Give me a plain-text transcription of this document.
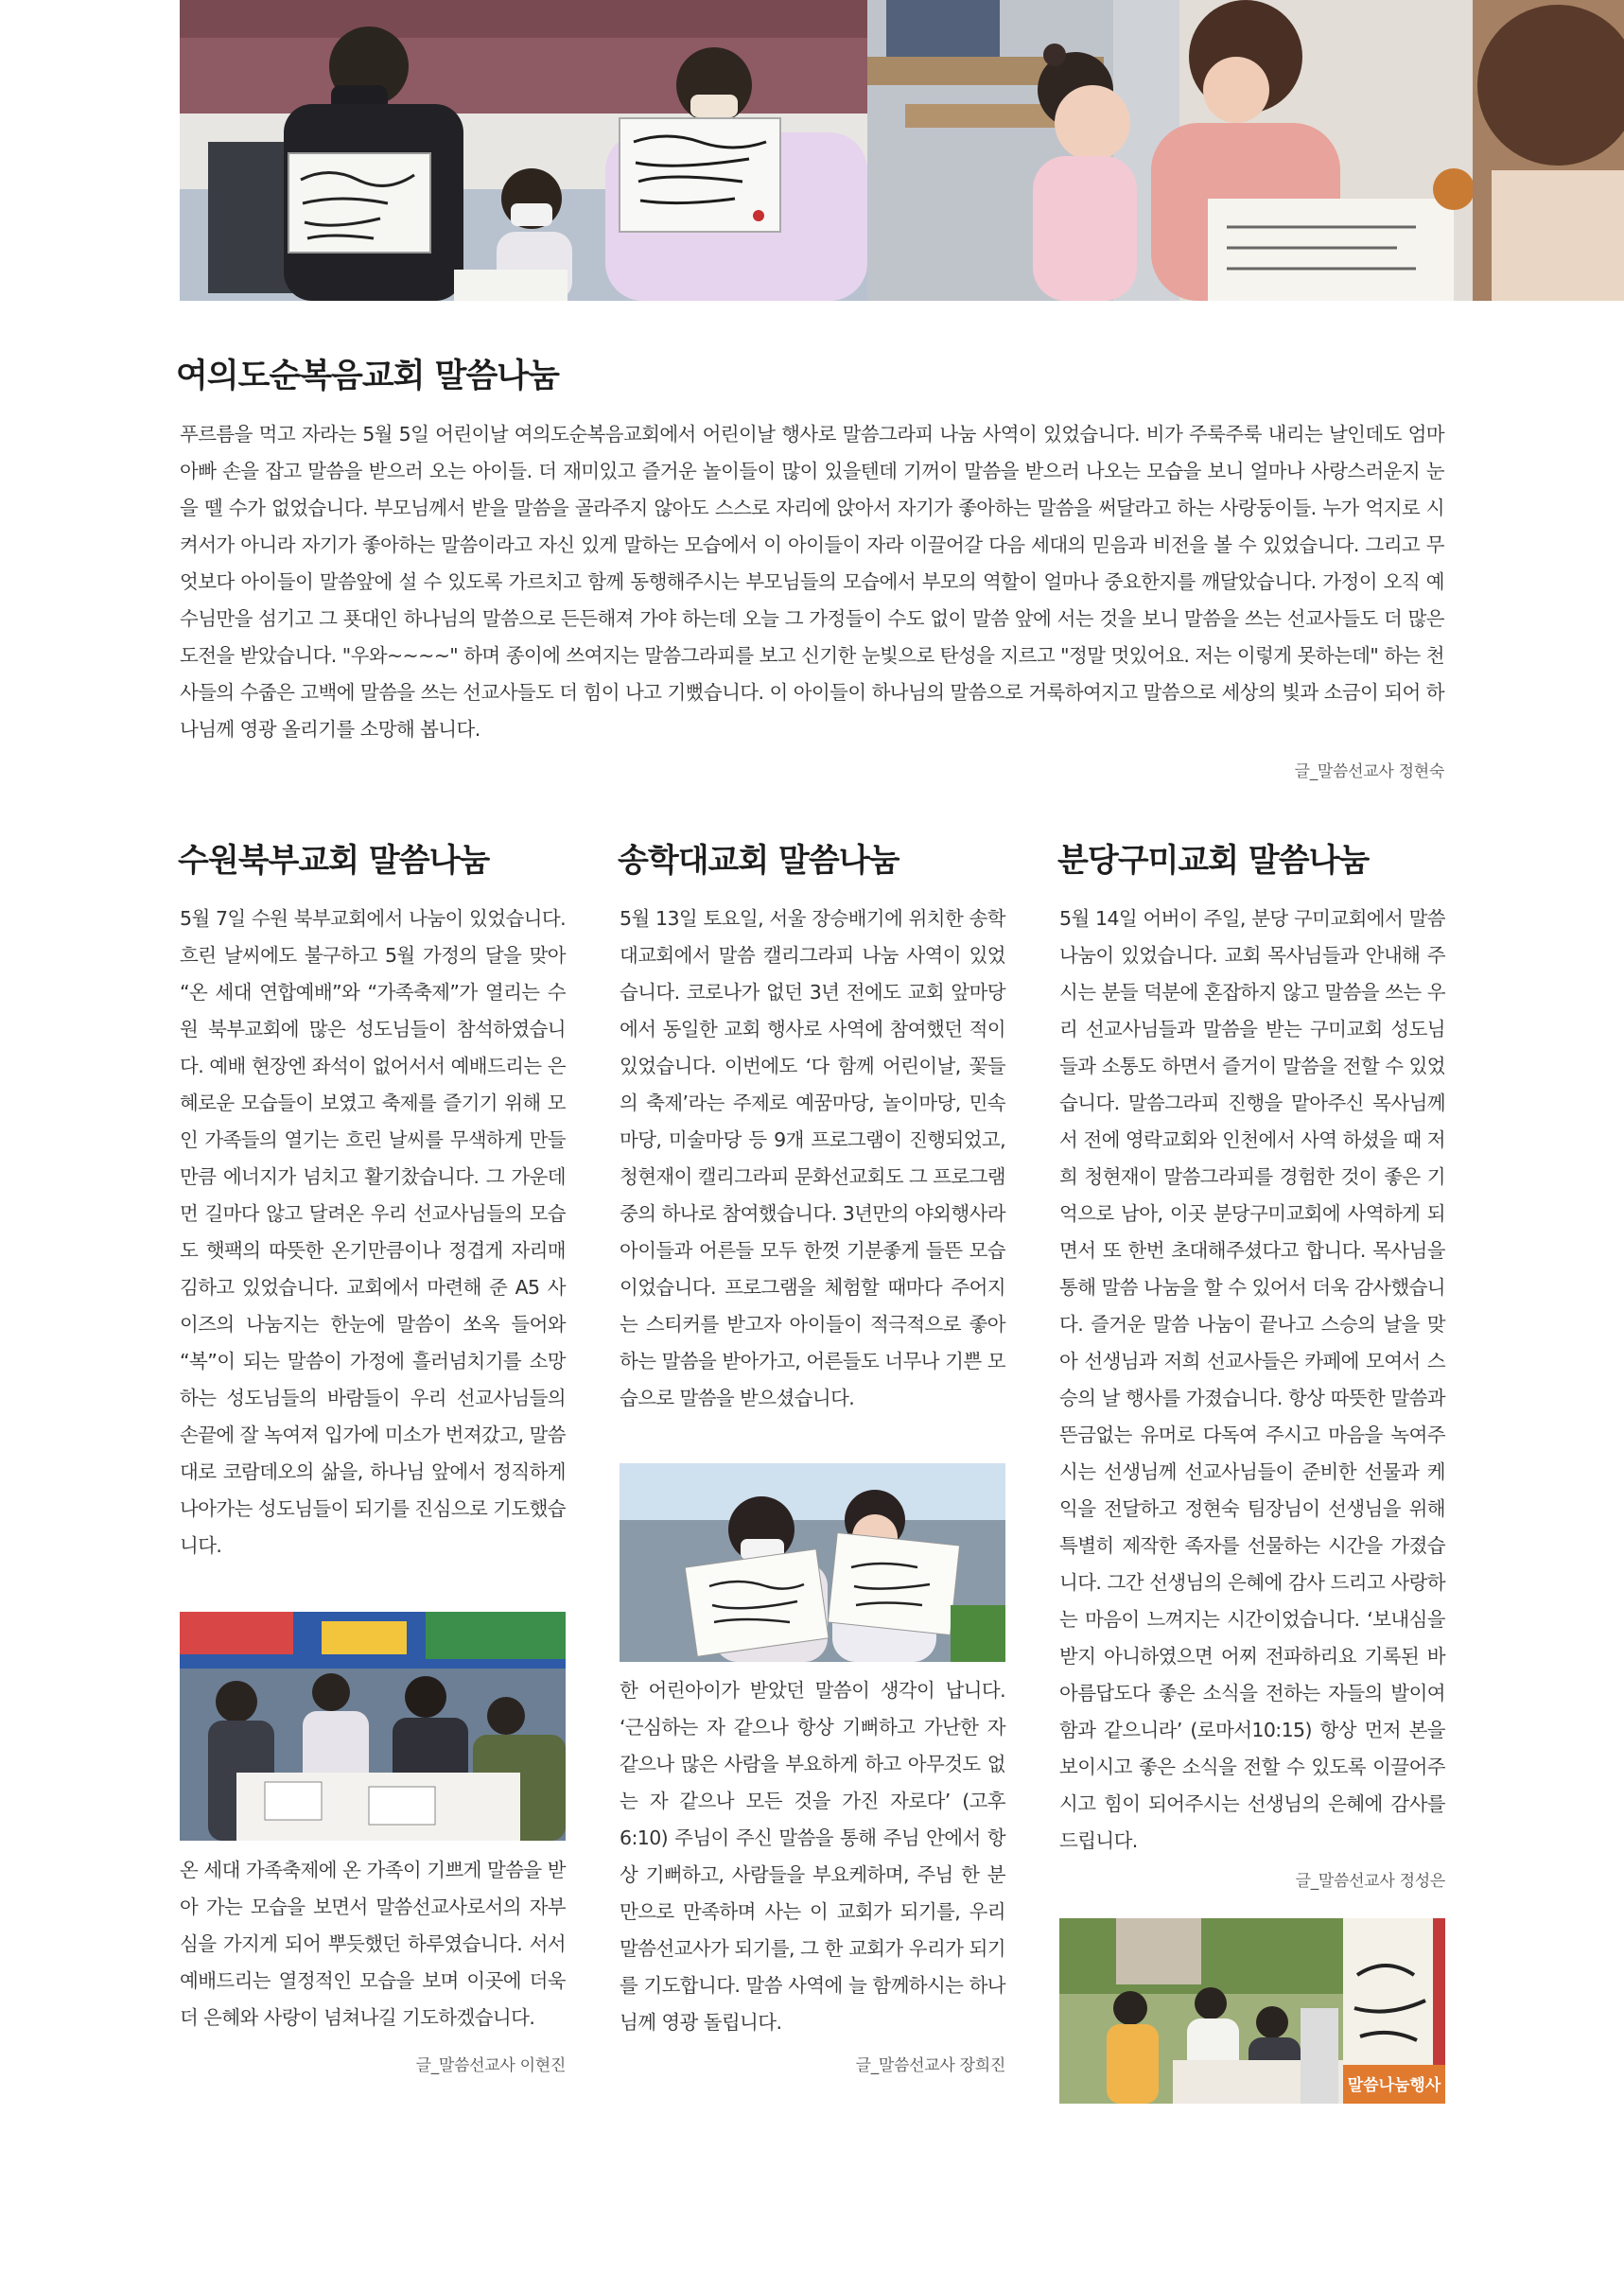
여의도순복음교회 말씀나눔

푸르름을 먹고 자라는 5월 5일 어린이날 여의도순복음교회에서 어린이날 행사로 말씀그라피 나눔 사역이 있었습니다. 비가 주룩주룩 내리는 날인데도 엄마 아빠 손을 잡고 말씀을 받으러 오는 아이들. 더 재미있고 즐거운 놀이들이 많이 있을텐데 기꺼이 말씀을 받으러 나오는 모습을 보니 얼마나 사랑스러운지 눈을 뗄 수가 없었습니다. 부모님께서 받을 말씀을 골라주지 않아도 스스로 자리에 앉아서 자기가 좋아하는 말씀을 써달라고 하는 사랑둥이들. 누가 억지로 시켜서가 아니라 자기가 좋아하는 말씀이라고 자신 있게 말하는 모습에서 이 아이들이 자라 이끌어갈 다음 세대의 믿음과 비전을 볼 수 있었습니다. 그리고 무엇보다 아이들이 말씀앞에 설 수 있도록 가르치고 함께 동행해주시는 부모님들의 모습에서 부모의 역할이 얼마나 중요한지를 깨달았습니다. 가정이 오직 예수님만을 섬기고 그 푯대인 하나님의 말씀으로 든든해져 가야 하는데 오늘 그 가정들이 수도 없이 말씀 앞에 서는 것을 보니 말씀을 쓰는 선교사들도 더 많은 도전을 받았습니다. "우와~~~~" 하며 종이에 쓰여지는 말씀그라피를 보고 신기한 눈빛으로 탄성을 지르고 "정말 멋있어요. 저는 이렇게 못하는데" 하는 천사들의 수줍은 고백에 말씀을 쓰는 선교사들도 더 힘이 나고 기뻤습니다. 이 아이들이 하나님의 말씀으로 거룩하여지고 말씀으로 세상의 빛과 소금이 되어 하나님께 영광 올리기를 소망해 봅니다.

글_말씀선교사 정현숙
수원북부교회 말씀나눔

5월 7일 수원 북부교회에서 나눔이 있었습니다. 흐린 날씨에도 불구하고 5월 가정의 달을 맞아 “온 세대 연합예배”와 “가족축제”가 열리는 수원 북부교회에 많은 성도님들이 참석하였습니다. 예배 현장엔 좌석이 없어서서 예배드리는 은혜로운 모습들이 보였고 축제를 즐기기 위해 모인 가족들의 열기는 흐린 날씨를 무색하게 만들 만큼 에너지가 넘치고 활기찼습니다. 그 가운데 먼 길마다 않고 달려온 우리 선교사님들의 모습도 햇팩의 따뜻한 온기만큼이나 정겹게 자리매김하고 있었습니다. 교회에서 마련해 준 A5 사이즈의 나눔지는 한눈에 말씀이 쏘옥 들어와 “복”이 되는 말씀이 가정에 흘러넘치기를 소망하는 성도님들의 바람들이 우리 선교사님들의 손끝에 잘 녹여져 입가에 미소가 번져갔고, 말씀대로 코람데오의 삶을, 하나님 앞에서 정직하게 나아가는 성도님들이 되기를 진심으로 기도했습니다.

온 세대 가족축제에 온 가족이 기쁘게 말씀을 받아 가는 모습을 보면서 말씀선교사로서의 자부심을 가지게 되어 뿌듯했던 하루였습니다. 서서 예배드리는 열정적인 모습을 보며 이곳에 더욱더 은혜와 사랑이 넘쳐나길 기도하겠습니다.

글_말씀선교사 이현진
송학대교회 말씀나눔

5월 13일 토요일, 서울 장승배기에 위치한 송학대교회에서 말씀 캘리그라피 나눔 사역이 있었습니다. 코로나가 없던 3년 전에도 교회 앞마당에서 동일한 교회 행사로 사역에 참여했던 적이 있었습니다. 이번에도 ‘다 함께 어린이날, 꽃들의 축제’라는 주제로 예꿈마당, 놀이마당, 민속마당, 미술마당 등 9개 프로그램이 진행되었고, 청현재이 캘리그라피 문화선교회도 그 프로그램 중의 하나로 참여했습니다. 3년만의 야외행사라 아이들과 어른들 모두 한껏 기분좋게 들뜬 모습이었습니다. 프로그램을 체험할 때마다 주어지는 스티커를 받고자 아이들이 적극적으로 좋아하는 말씀을 받아가고, 어른들도 너무나 기쁜 모습으로 말씀을 받으셨습니다.

한 어린아이가 받았던 말씀이 생각이 납니다. ‘근심하는 자 같으나 항상 기뻐하고 가난한 자 같으나 많은 사람을 부요하게 하고 아무것도 없는 자 같으나 모든 것을 가진 자로다’ (고후 6:10) 주님이 주신 말씀을 통해 주님 안에서 항상 기뻐하고, 사람들을 부요케하며, 주님 한 분만으로 만족하며 사는 이 교회가 되기를, 우리 말씀선교사가 되기를, 그 한 교회가 우리가 되기를 기도합니다. 말씀 사역에 늘 함께하시는 하나님께 영광 돌립니다.

글_말씀선교사 장희진
분당구미교회 말씀나눔

5월 14일 어버이 주일, 분당 구미교회에서 말씀나눔이 있었습니다. 교회 목사님들과 안내해 주시는 분들 덕분에 혼잡하지 않고 말씀을 쓰는 우리 선교사님들과 말씀을 받는 구미교회 성도님들과 소통도 하면서 즐거이 말씀을 전할 수 있었습니다. 말씀그라피 진행을 맡아주신 목사님께서 전에 영락교회와 인천에서 사역 하셨을 때 저희 청현재이 말씀그라피를 경험한 것이 좋은 기억으로 남아, 이곳 분당구미교회에 사역하게 되면서 또 한번 초대해주셨다고 합니다. 목사님을 통해 말씀 나눔을 할 수 있어서 더욱 감사했습니다. 즐거운 말씀 나눔이 끝나고 스승의 날을 맞아 선생님과 저희 선교사들은 카페에 모여서 스승의 날 행사를 가졌습니다. 항상 따뜻한 말씀과 뜬금없는 유머로 다독여 주시고 마음을 녹여주시는 선생님께 선교사님들이 준비한 선물과 케익을 전달하고 정현숙 팀장님이 선생님을 위해 특별히 제작한 족자를 선물하는 시간을 가졌습니다. 그간 선생님의 은혜에 감사 드리고 사랑하는 마음이 느껴지는 시간이었습니다. ‘보내심을 받지 아니하였으면 어찌 전파하리요 기록된 바 아름답도다 좋은 소식을 전하는 자들의 발이여 함과 같으니라’ (로마서10:15) 항상 먼저 본을 보이시고 좋은 소식을 전할 수 있도록 이끌어주시고 힘이 되어주시는 선생님의 은혜에 감사를 드립니다.

글_말씀선교사 정성은
말씀나눔행사
